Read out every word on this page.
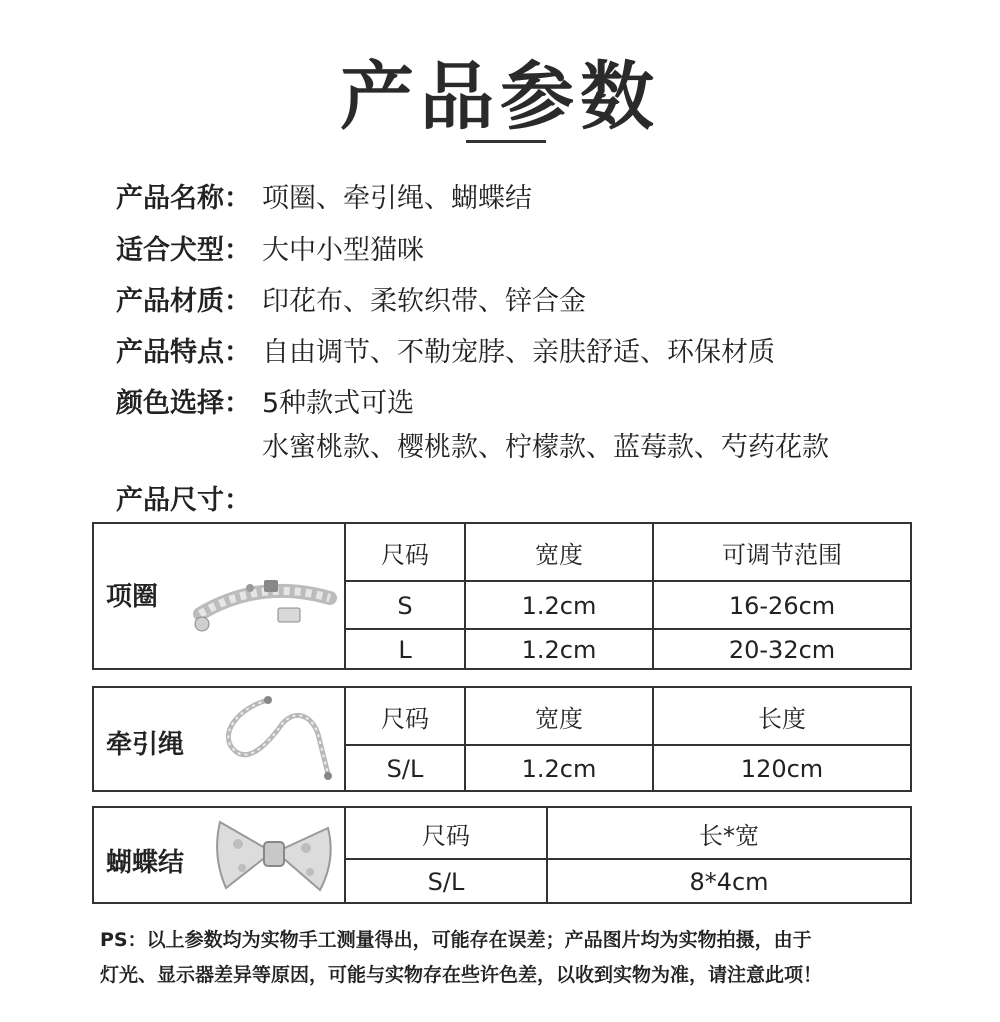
产品参数
产品名称： 项圈、牵引绳、蝴蝶结
适合犬型： 大中小型猫咪
产品材质： 印花布、柔软织带、锌合金
产品特点： 自由调节、不勒宠脖、亲肤舒适、环保材质
颜色选择： 5种款式可选
水蜜桃款、樱桃款、柠檬款、蓝莓款、芍药花款
产品尺寸：
项圈
尺码	宽度	可调节范围
S	1.2cm	16-26cm
L	1.2cm	20-32cm
牵引绳
尺码	宽度	长度
S/L	1.2cm	120cm
蝴蝶结
尺码	长*宽
S/L	8*4cm
PS：以上参数均为实物手工测量得出，可能存在误差；产品图片均为实物拍摄，由于
灯光、显示器差异等原因，可能与实物存在些许色差，以收到实物为准，请注意此项！
